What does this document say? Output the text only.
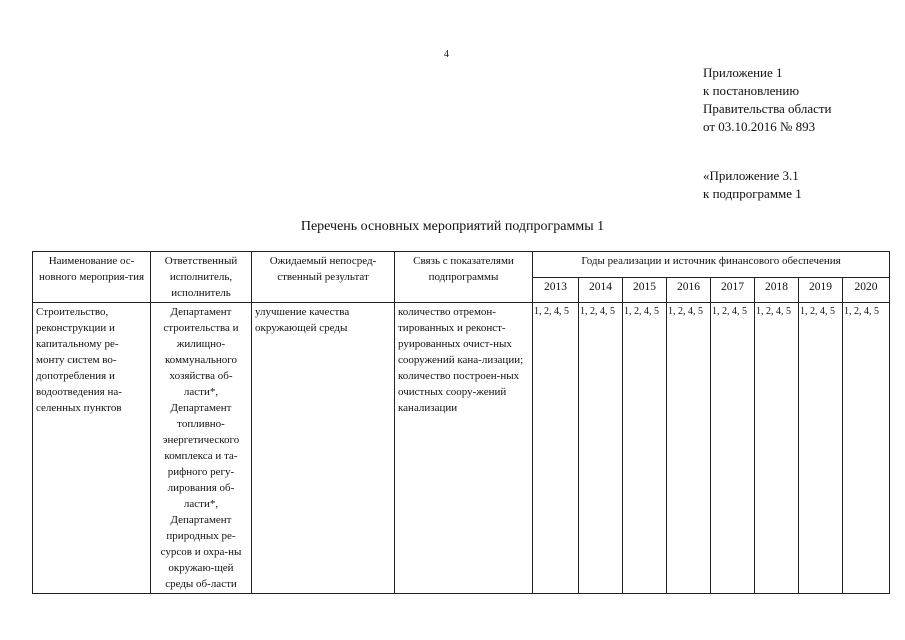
4
Приложение 1
к постановлению
Правительства области
от 03.10.2016 № 893
«Приложение 3.1
к подпрограмме 1
Перечень основных мероприятий подпрограммы 1
Наименование ос-новного мероприя-тия	Ответственный исполнитель, исполнитель	Ожидаемый непосред-ственный результат	Связь с показателями подпрограммы	Годы реализации и источник финансового обеспечения							
				2013	2014	2015	2016	2017	2018	2019	2020
Строительство, реконструкции и капитальному ре-монту систем во-допотребления и водоотведения на-селенных пунктов	Департамент строительства и жилищно-коммунального хозяйства об-ласти*,
Департамент топливно-энергетического комплекса и та-рифного регу-лирования об-ласти*,
Департамент природных ре-сурсов и охра-ны окружаю-щей среды об-ласти	улучшение качества окружающей среды	количество отремон-тированных и реконст-руированных очист-ных сооружений кана-лизации;
количество построен-ных очистных соору-жений канализации	1, 2, 4, 5	1, 2, 4, 5	1, 2, 4, 5	1, 2, 4, 5	1, 2, 4, 5	1, 2, 4, 5	1, 2, 4, 5	1, 2, 4, 5
